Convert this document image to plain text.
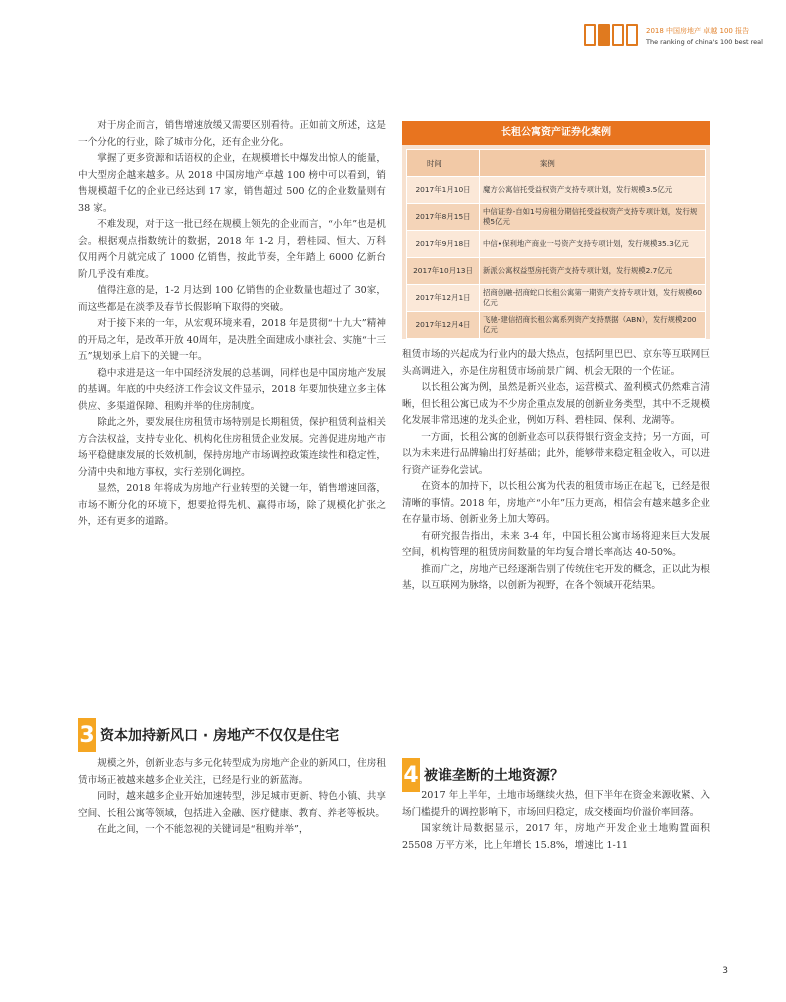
2018 中国房地产 卓越 100 报告
The ranking of china's 100 best real

对于房企而言，销售增速放缓又需要区别看待。正如前文所述，这是一个分化的行业，除了城市分化，还有企业分化。

掌握了更多资源和话语权的企业，在规模增长中爆发出惊人的能量，中大型房企越来越多。从 2018 中国房地产卓越 100 榜中可以看到，销售规模超千亿的企业已经达到 17 家，销售超过 500 亿的企业数量则有 38 家。

不难发现，对于这一批已经在规模上领先的企业而言，“小年”也是机会。根据观点指数统计的数据，2018 年 1-2 月，碧桂园、恒大、万科仅用两个月就完成了 1000 亿销售，按此节奏，全年踏上 6000 亿新台阶几乎没有难度。

值得注意的是，1-2 月达到 100 亿销售的企业数量也超过了 30家，而这些都是在淡季及春节长假影响下取得的突破。

对于接下来的一年，从宏观环境来看，2018 年是贯彻“十九大”精神的开局之年，是改革开放 40周年，是决胜全面建成小康社会、实施“十三五”规划承上启下的关键一年。

稳中求进是这一年中国经济发展的总基调，同样也是中国房地产发展的基调。年底的中央经济工作会议文件显示，2018 年要加快建立多主体供应、多渠道保障、租购并举的住房制度。

除此之外，要发展住房租赁市场特别是长期租赁，保护租赁利益相关方合法权益，支持专业化、机构化住房租赁企业发展。完善促进房地产市场平稳健康发展的长效机制，保持房地产市场调控政策连续性和稳定性，分清中央和地方事权，实行差别化调控。

显然，2018 年将成为房地产行业转型的关键一年，销售增速回落，市场不断分化的环境下，想要抢得先机、赢得市场，除了规模化扩张之外，还有更多的道路。

3 资本加持新风口 · 房地产不仅仅是住宅

规模之外，创新业态与多元化转型成为房地产企业的新风口，住房租赁市场正被越来越多企业关注，已经是行业的新蓝海。

同时，越来越多企业开始加速转型，涉足城市更新、特色小镇、共享空间、长租公寓等领域，包括进入金融、医疗健康、教育、养老等板块。

在此之间，一个不能忽视的关键词是“租购并举”，

长租公寓资产证券化案例
时间	案例
2017年1月10日	魔方公寓信托受益权资产支持专项计划，发行规模3.5亿元
2017年8月15日	中信证券-自如1号房租分期信托受益权资产支持专项计划，发行规模5亿元
2017年9月18日	中信•保利地产商业一号资产支持专项计划，发行规模35.3亿元
2017年10月13日	新派公寓权益型房托资产支持专项计划，发行规模2.7亿元
2017年12月1日	招商创融-招商蛇口长租公寓第一期资产支持专项计划，发行规模60亿元
2017年12月4日	飞驰-建信招商长租公寓系列资产支持票据（ABN），发行规模200亿元

租赁市场的兴起成为行业内的最大热点，包括阿里巴巴、京东等互联网巨头高调进入，亦是住房租赁市场前景广阔、机会无限的一个佐证。

以长租公寓为例，虽然是新兴业态，运营模式、盈利模式仍然难言清晰，但长租公寓已成为不少房企重点发展的创新业务类型，其中不乏规模化发展非常迅速的龙头企业，例如万科、碧桂园、保利、龙湖等。

一方面，长租公寓的创新业态可以获得银行资金支持；另一方面，可以为未来进行品牌输出打好基础；此外，能够带来稳定租金收入，可以进行资产证券化尝试。

在资本的加持下，以长租公寓为代表的租赁市场正在起飞，已经是很清晰的事情。2018 年，房地产“小年”压力更高，相信会有越来越多企业在存量市场、创新业务上加大筹码。

有研究报告指出，未来 3-4 年，中国长租公寓市场将迎来巨大发展空间，机构管理的租赁房间数量的年均复合增长率高达 40-50%。

推而广之，房地产已经逐渐告别了传统住宅开发的概念，正以此为根基，以互联网为脉络，以创新为视野，在各个领域开花结果。

4 被谁垄断的土地资源？

2017 年上半年，土地市场继续火热，但下半年在资金来源收紧、入场门槛提升的调控影响下，市场回归稳定，成交楼面均价溢价率回落。

国家统计局数据显示，2017 年，房地产开发企业土地购置面积 25508 万平方米，比上年增长 15.8%，增速比 1-11

3
